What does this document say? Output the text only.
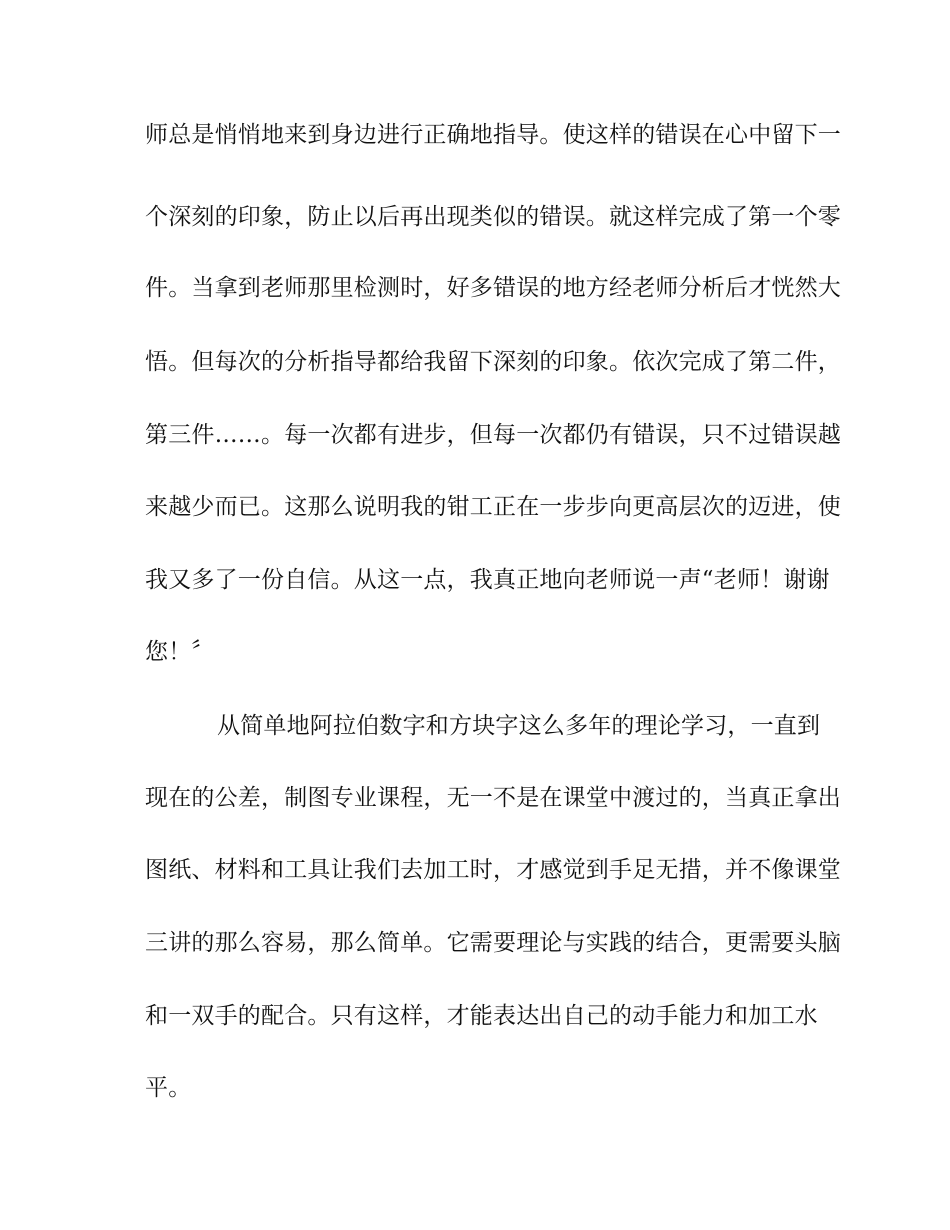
师总是悄悄地来到身边进行正确地指导。使这样的错误在心中留下一
个深刻的印象，防止以后再出现类似的错误。就这样完成了第一个零
件。当拿到老师那里检测时，好多错误的地方经老师分析后才恍然大
悟。但每次的分析指导都给我留下深刻的印象。依次完成了第二件，
第三件……。每一次都有进步，但每一次都仍有错误，只不过错误越
来越少而已。这那么说明我的钳工正在一步步向更高层次的迈进，使
我又多了一份自信。从这一点，我真正地向老师说一声“老师！谢谢
您！〞
从简单地阿拉伯数字和方块字这么多年的理论学习，一直到
现在的公差，制图专业课程，无一不是在课堂中渡过的，当真正拿出
图纸、材料和工具让我们去加工时，才感觉到手足无措，并不像课堂
三讲的那么容易，那么简单。它需要理论与实践的结合，更需要头脑
和一双手的配合。只有这样，才能表达出自己的动手能力和加工水
平。
